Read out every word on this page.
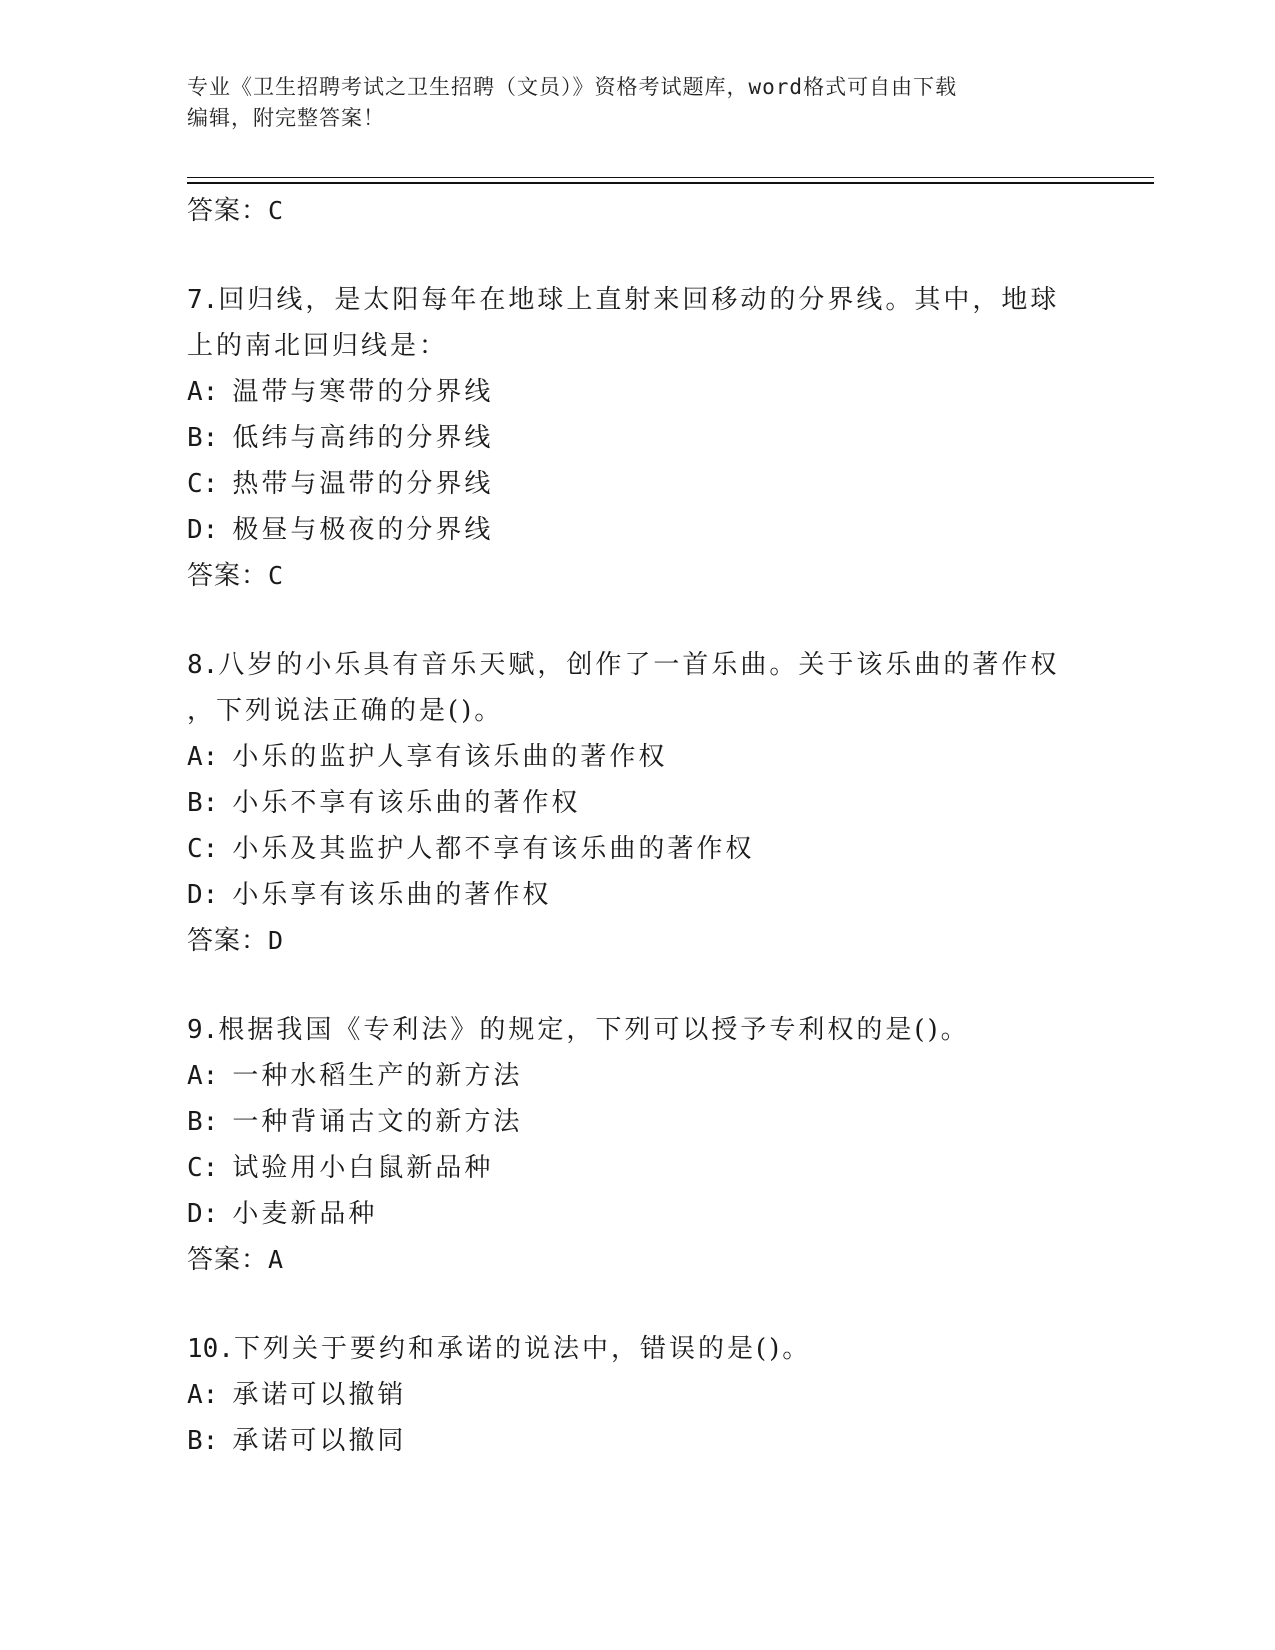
专业《卫生招聘考试之卫生招聘（文员）》资格考试题库，word格式可自由下载
编辑，附完整答案！
答案：C
7.回归线，是太阳每年在地球上直射来回移动的分界线。其中，地球
上的南北回归线是：
A: 温带与寒带的分界线
B: 低纬与高纬的分界线
C: 热带与温带的分界线
D: 极昼与极夜的分界线
答案：C
8.八岁的小乐具有音乐天赋，创作了一首乐曲。关于该乐曲的著作权
，下列说法正确的是()。
A: 小乐的监护人享有该乐曲的著作权
B: 小乐不享有该乐曲的著作权
C: 小乐及其监护人都不享有该乐曲的著作权
D: 小乐享有该乐曲的著作权
答案：D
9.根据我国《专利法》的规定，下列可以授予专利权的是()。
A: 一种水稻生产的新方法
B: 一种背诵古文的新方法
C: 试验用小白鼠新品种
D: 小麦新品种
答案：A
10.下列关于要约和承诺的说法中，错误的是()。
A: 承诺可以撤销
B: 承诺可以撤同
